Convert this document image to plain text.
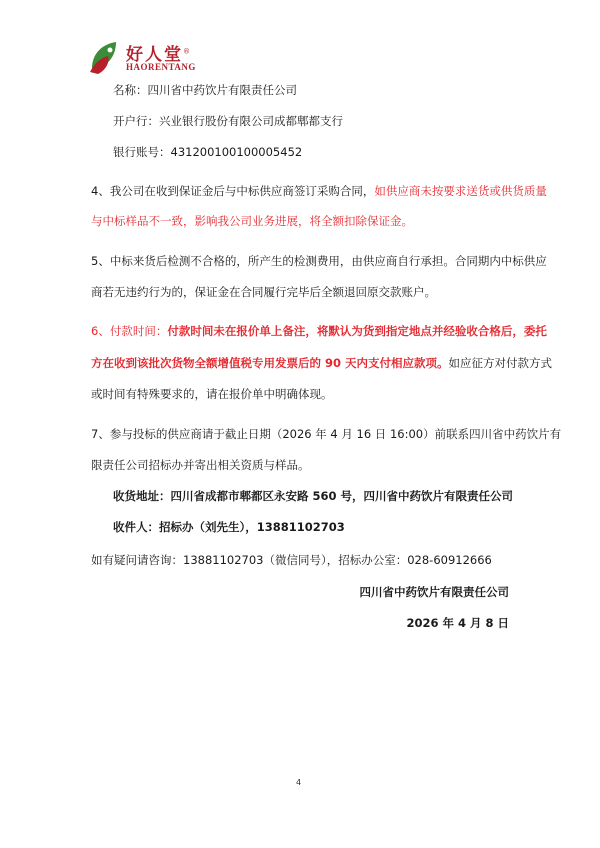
好人堂®
HAORENTANG
名称：四川省中药饮片有限责任公司
开户行：兴业银行股份有限公司成都郫都支行
银行账号：431200100100005452
4、我公司在收到保证金后与中标供应商签订采购合同，如供应商未按要求送货或供货质量
与中标样品不一致，影响我公司业务进展，将全额扣除保证金。
5、中标来货后检测不合格的，所产生的检测费用，由供应商自行承担。合同期内中标供应
商若无违约行为的，保证金在合同履行完毕后全额退回原交款账户。
6、付款时间：付款时间未在报价单上备注，将默认为货到指定地点并经验收合格后，委托
方在收到该批次货物全额增值税专用发票后的 90 天内支付相应款项。如应征方对付款方式
或时间有特殊要求的，请在报价单中明确体现。
7、参与投标的供应商请于截止日期（2026 年 4 月 16 日 16:00）前联系四川省中药饮片有
限责任公司招标办并寄出相关资质与样品。
收货地址：四川省成都市郫都区永安路 560 号，四川省中药饮片有限责任公司
收件人：招标办（刘先生），13881102703
如有疑问请咨询：13881102703（微信同号），招标办公室：028-60912666
四川省中药饮片有限责任公司
2026 年 4 月 8 日
4
